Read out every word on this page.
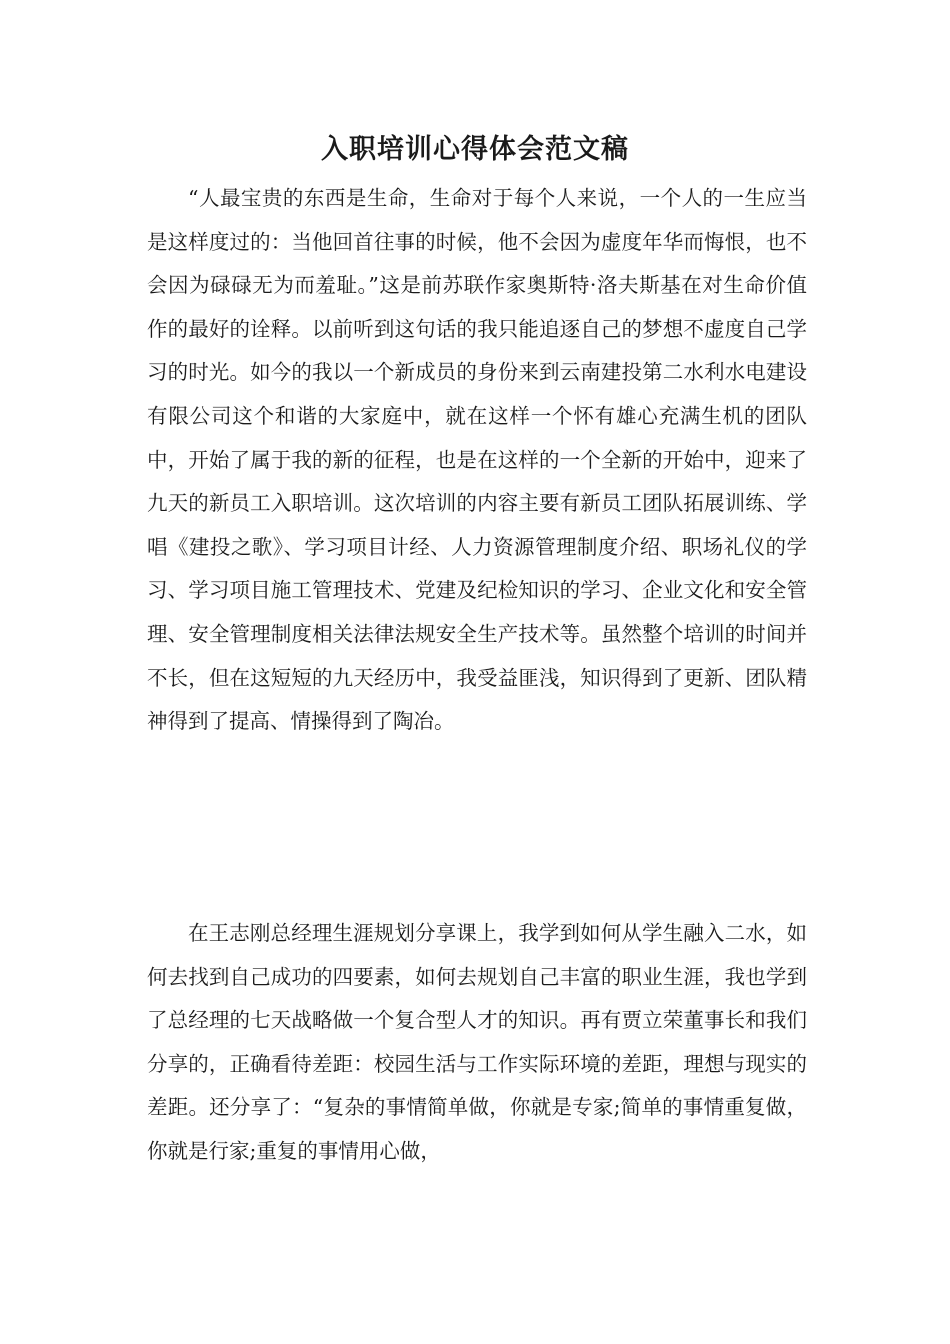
入职培训心得体会范文稿

“人最宝贵的东西是生命，生命对于每个人来说，一个人的一生应当是这样度过的：当他回首往事的时候，他不会因为虚度年华而悔恨，也不会因为碌碌无为而羞耻。”这是前苏联作家奥斯特·洛夫斯基在对生命价值作的最好的诠释。以前听到这句话的我只能追逐自己的梦想不虚度自己学习的时光。如今的我以一个新成员的身份来到云南建投第二水利水电建设有限公司这个和谐的大家庭中，就在这样一个怀有雄心充满生机的团队中，开始了属于我的新的征程，也是在这样的一个全新的开始中，迎来了九天的新员工入职培训。这次培训的内容主要有新员工团队拓展训练、学唱《建投之歌》、学习项目计经、人力资源管理制度介绍、职场礼仪的学习、学习项目施工管理技术、党建及纪检知识的学习、企业文化和安全管理、安全管理制度相关法律法规安全生产技术等。虽然整个培训的时间并不长，但在这短短的九天经历中，我受益匪浅，知识得到了更新、团队精神得到了提高、情操得到了陶冶。

在王志刚总经理生涯规划分享课上，我学到如何从学生融入二水，如何去找到自己成功的四要素，如何去规划自己丰富的职业生涯，我也学到了总经理的七天战略做一个复合型人才的知识。再有贾立荣董事长和我们分享的，正确看待差距：校园生活与工作实际环境的差距，理想与现实的差距。还分享了：“复杂的事情简单做，你就是专家;简单的事情重复做，你就是行家;重复的事情用心做，
